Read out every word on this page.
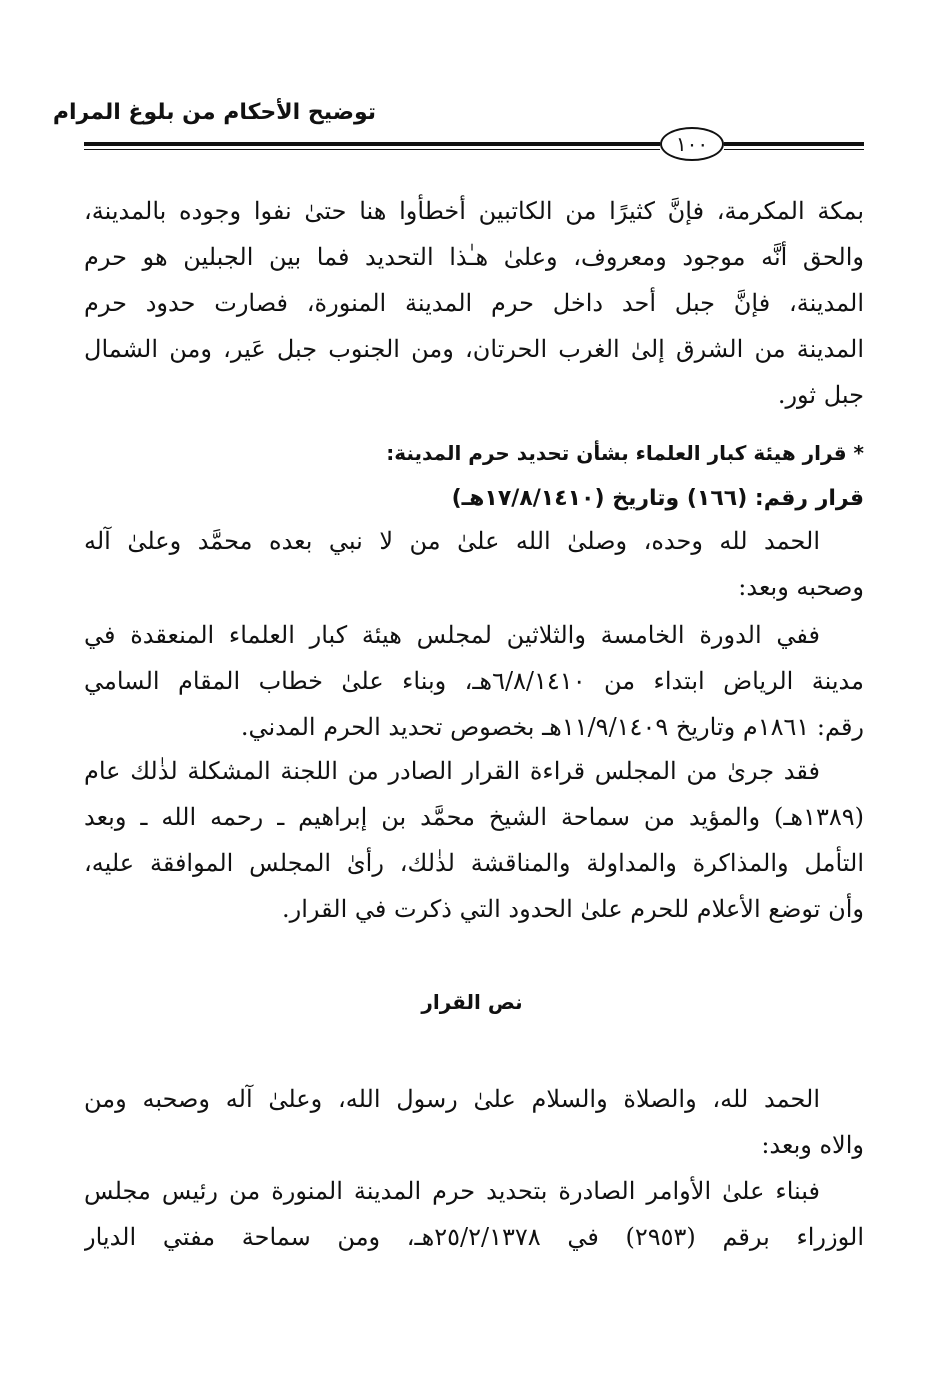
توضيح الأحكام من بلوغ المرام
١٠٠
بمكة المكرمة، فإنَّ كثيرًا من الكاتبين أخطأوا هنا حتىٰ نفوا وجوده بالمدينة،
والحق أنَّه موجود ومعروف، وعلىٰ هـٰذا التحديد فما بين الجبلين هو حرم
المدينة، فإنَّ جبل أحد داخل حرم المدينة المنورة، فصارت حدود حرم
المدينة من الشرق إلىٰ الغرب الحرتان، ومن الجنوب جبل عَير، ومن الشمال
جبل ثور.
* قرار هيئة كبار العلماء بشأن تحديد حرم المدينة:
قرار رقم: (١٦٦) وتاريخ (١٧/٨/١٤١٠هـ)
الحمد لله وحده، وصلىٰ الله علىٰ من لا نبي بعده محمَّد وعلىٰ آله
وصحبه وبعد:
ففي الدورة الخامسة والثلاثين لمجلس هيئة كبار العلماء المنعقدة في
مدينة الرياض ابتداء من ٦/٨/١٤١٠هـ، وبناء علىٰ خطاب المقام السامي
رقم: ١٨٦١م وتاريخ ١١/٩/١٤٠٩هـ بخصوص تحديد الحرم المدني.
فقد جرىٰ من المجلس قراءة القرار الصادر من اللجنة المشكلة لذٰلك عام
(١٣٨٩هـ) والمؤيد من سماحة الشيخ محمَّد بن إبراهيم ـ رحمه الله ـ وبعد
التأمل والمذاكرة والمداولة والمناقشة لذٰلك، رأىٰ المجلس الموافقة عليه،
وأن توضع الأعلام للحرم علىٰ الحدود التي ذكرت في القرار.
نص القرار
الحمد لله، والصلاة والسلام علىٰ رسول الله، وعلىٰ آله وصحبه ومن
والاه وبعد:
فبناء علىٰ الأوامر الصادرة بتحديد حرم المدينة المنورة من رئيس مجلس
الوزراء برقم (٢٩٥٣) في ٢٥/٢/١٣٧٨هـ، ومن سماحة مفتي الديار
